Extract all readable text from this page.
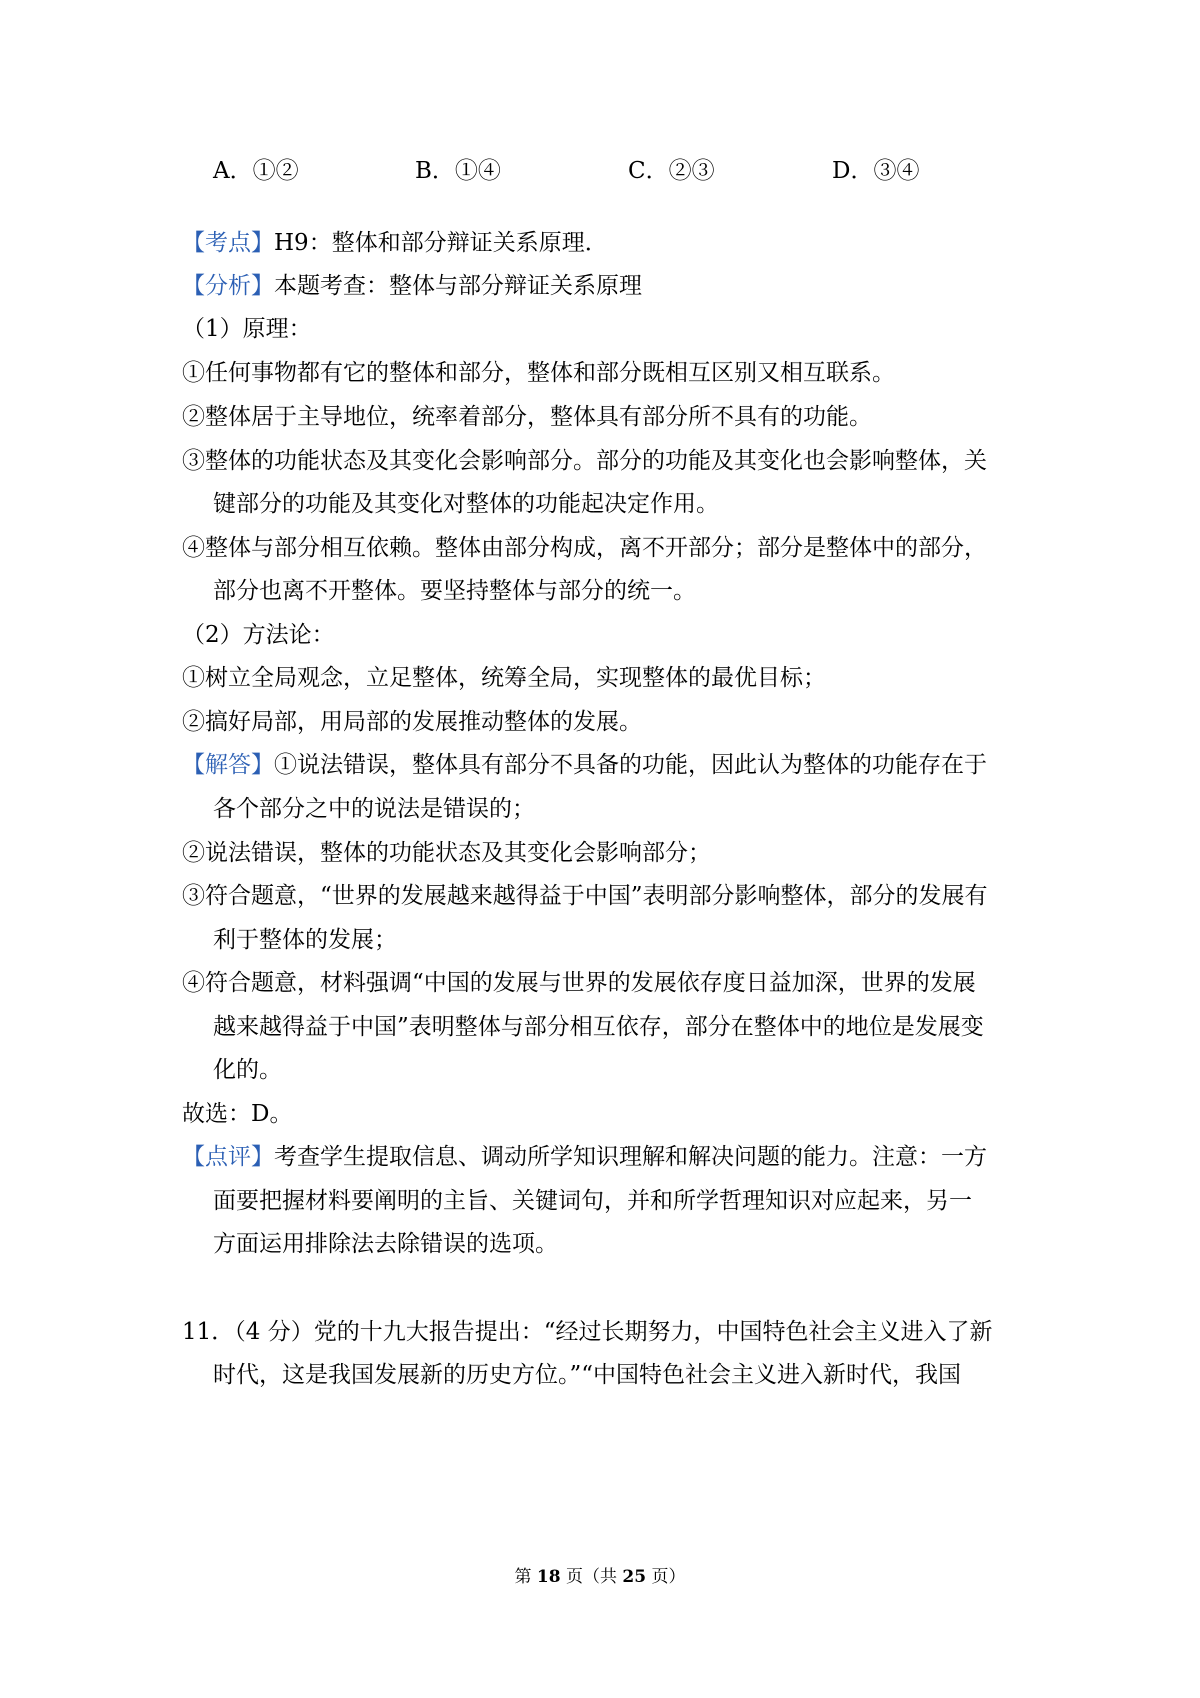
A．①②	B．①④	C．②③	D．③④
【考点】H9：整体和部分辩证关系原理．
【分析】本题考查：整体与部分辩证关系原理
（1）原理：
①任何事物都有它的整体和部分，整体和部分既相互区别又相互联系。
②整体居于主导地位，统率着部分，整体具有部分所不具有的功能。
③整体的功能状态及其变化会影响部分。部分的功能及其变化也会影响整体，关
键部分的功能及其变化对整体的功能起决定作用。
④整体与部分相互依赖。整体由部分构成，离不开部分；部分是整体中的部分，
部分也离不开整体。要坚持整体与部分的统一。
（2）方法论：
①树立全局观念，立足整体，统筹全局，实现整体的最优目标；
②搞好局部，用局部的发展推动整体的发展。
【解答】①说法错误，整体具有部分不具备的功能，因此认为整体的功能存在于
各个部分之中的说法是错误的；
②说法错误，整体的功能状态及其变化会影响部分；
③符合题意，“世界的发展越来越得益于中国”表明部分影响整体，部分的发展有
利于整体的发展；
④符合题意，材料强调“中国的发展与世界的发展依存度日益加深，世界的发展
越来越得益于中国”表明整体与部分相互依存，部分在整体中的地位是发展变
化的。
故选：D。
【点评】考查学生提取信息、调动所学知识理解和解决问题的能力。注意：一方
面要把握材料要阐明的主旨、关键词句，并和所学哲理知识对应起来，另一
方面运用排除法去除错误的选项。
11．（4 分）党的十九大报告提出：“经过长期努力，中国特色社会主义进入了新
时代，这是我国发展新的历史方位。”“中国特色社会主义进入新时代，我国
第 18 页（共 25 页）
